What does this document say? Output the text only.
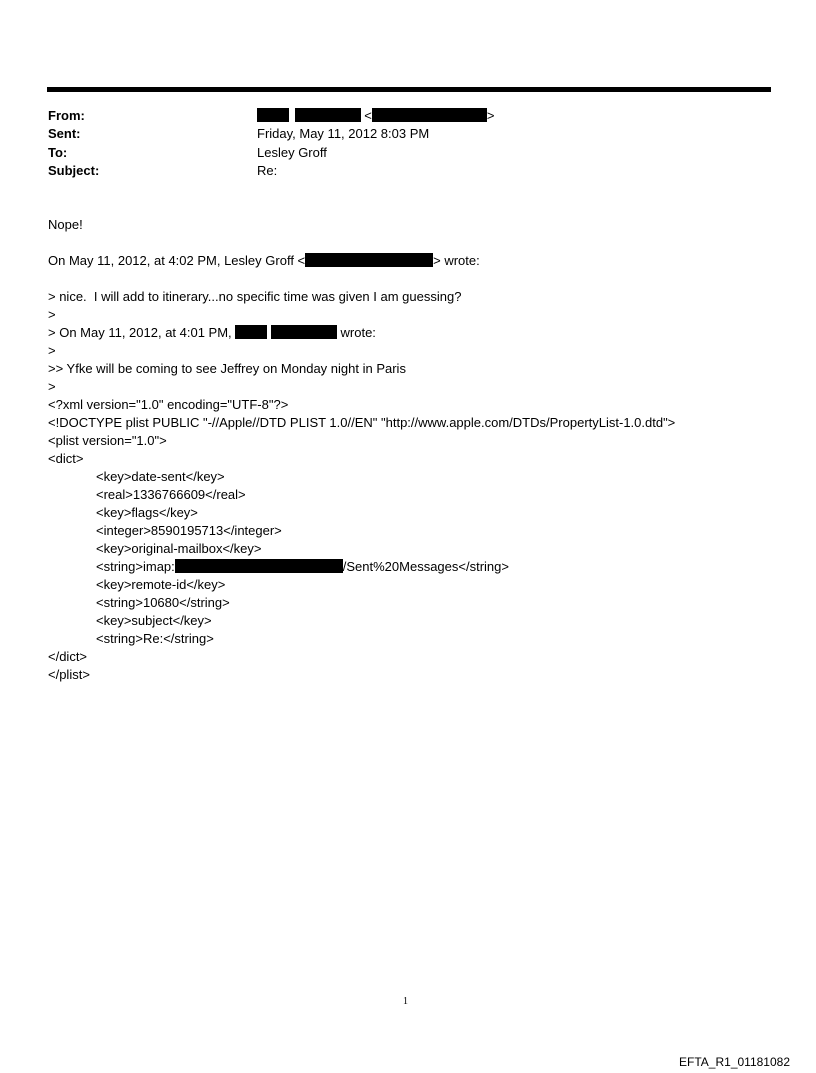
From:	<	>
Sent:	Friday, May 11, 2012 8:03 PM
To:	Lesley Groff
Subject:	Re:
Nope!
On May 11, 2012, at 4:02 PM, Lesley Groff <	> wrote:
> nice.  I will add to itinerary...no specific time was given I am guessing?
>
> On May 11, 2012, at 4:01 PM,	wrote:
>
>> Yfke will be coming to see Jeffrey on Monday night in Paris
>
<?xml version="1.0" encoding="UTF-8"?>
<!DOCTYPE plist PUBLIC "-//Apple//DTD PLIST 1.0//EN" "http://www.apple.com/DTDs/PropertyList-1.0.dtd">
<plist version="1.0">
<dict>
<key>date-sent</key>
<real>1336766609</real>
<key>flags</key>
<integer>8590195713</integer>
<key>original-mailbox</key>
<string>imap:	/Sent%20Messages</string>
<key>remote-id</key>
<string>10680</string>
<key>subject</key>
<string>Re:</string>
</dict>
</plist>
1
EFTA_R1_01181082
